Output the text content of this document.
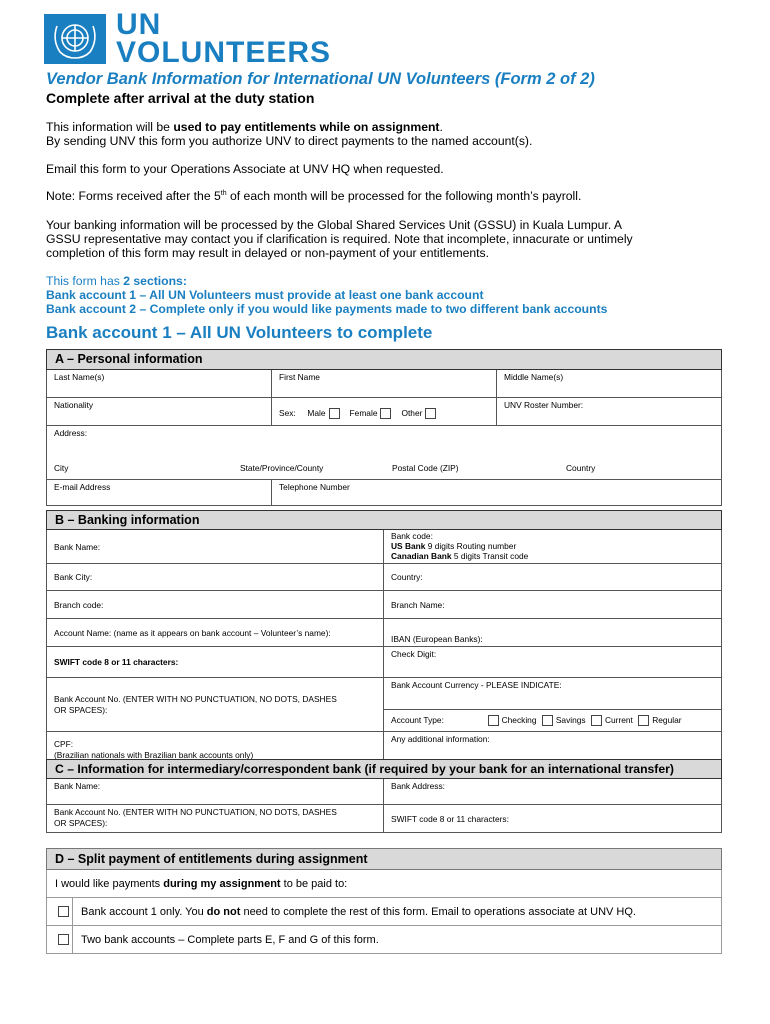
UN
VOLUNTEERS
Vendor Bank Information for International UN Volunteers (Form 2 of 2)
Complete after arrival at the duty station
This information will be used to pay entitlements while on assignment.
By sending UNV this form you authorize UNV to direct payments to the named account(s).
Email this form to your Operations Associate at UNV HQ when requested.
Note: Forms received after the 5th of each month will be processed for the following month’s payroll.
Your banking information will be processed by the Global Shared Services Unit (GSSU) in Kuala Lumpur. A
GSSU representative may contact you if clarification is required. Note that incomplete, innacurate or untimely
completion of this form may result in delayed or non-payment of your entitlements.
This form has 2 sections:
Bank account 1 – All UN Volunteers must provide at least one bank account
Bank account 2 – Complete only if you would like payments made to two different bank accounts
Bank account 1 – All UN Volunteers to complete
A – Personal information		
Last Name(s)	First Name	Middle Name(s)
Nationality	Sex: Male Female Other	UNV Roster Number:
Address:		

City State/Province/County Postal Code (ZIP) Country		

E-mail Address	Telephone Number	
B – Banking information	
Bank Name:	Bank code:
US Bank 9 digits Routing number
Canadian Bank 5 digits Transit code
Bank City:	Country:
Branch code:	Branch Name:
Account Name: (name as it appears on bank account – Volunteer’s name):	IBAN (European Banks):
SWIFT code 8 or 11 characters:	Check Digit:
Bank Account No. (ENTER WITH NO PUNCTUATION, NO DOTS, DASHES
OR SPACES):	Bank Account Currency - PLEASE INDICATE:
	Account Type: Checking Savings Current Regular
CPF:
(Brazilian nationals with Brazilian bank accounts only)	Any additional information:
C – Information for intermediary/correspondent bank (if required by your bank for an international transfer)	
Bank Name:	Bank Address:
Bank Account No. (ENTER WITH NO PUNCTUATION, NO DOTS, DASHES
OR SPACES):	SWIFT code 8 or 11 characters:
D – Split payment of entitlements during assignment	
I would like payments during my assignment to be paid to:	
	Bank account 1 only. You do not need to complete the rest of this form. Email to operations associate at UNV HQ.
	Two bank accounts – Complete parts E, F and G of this form.
